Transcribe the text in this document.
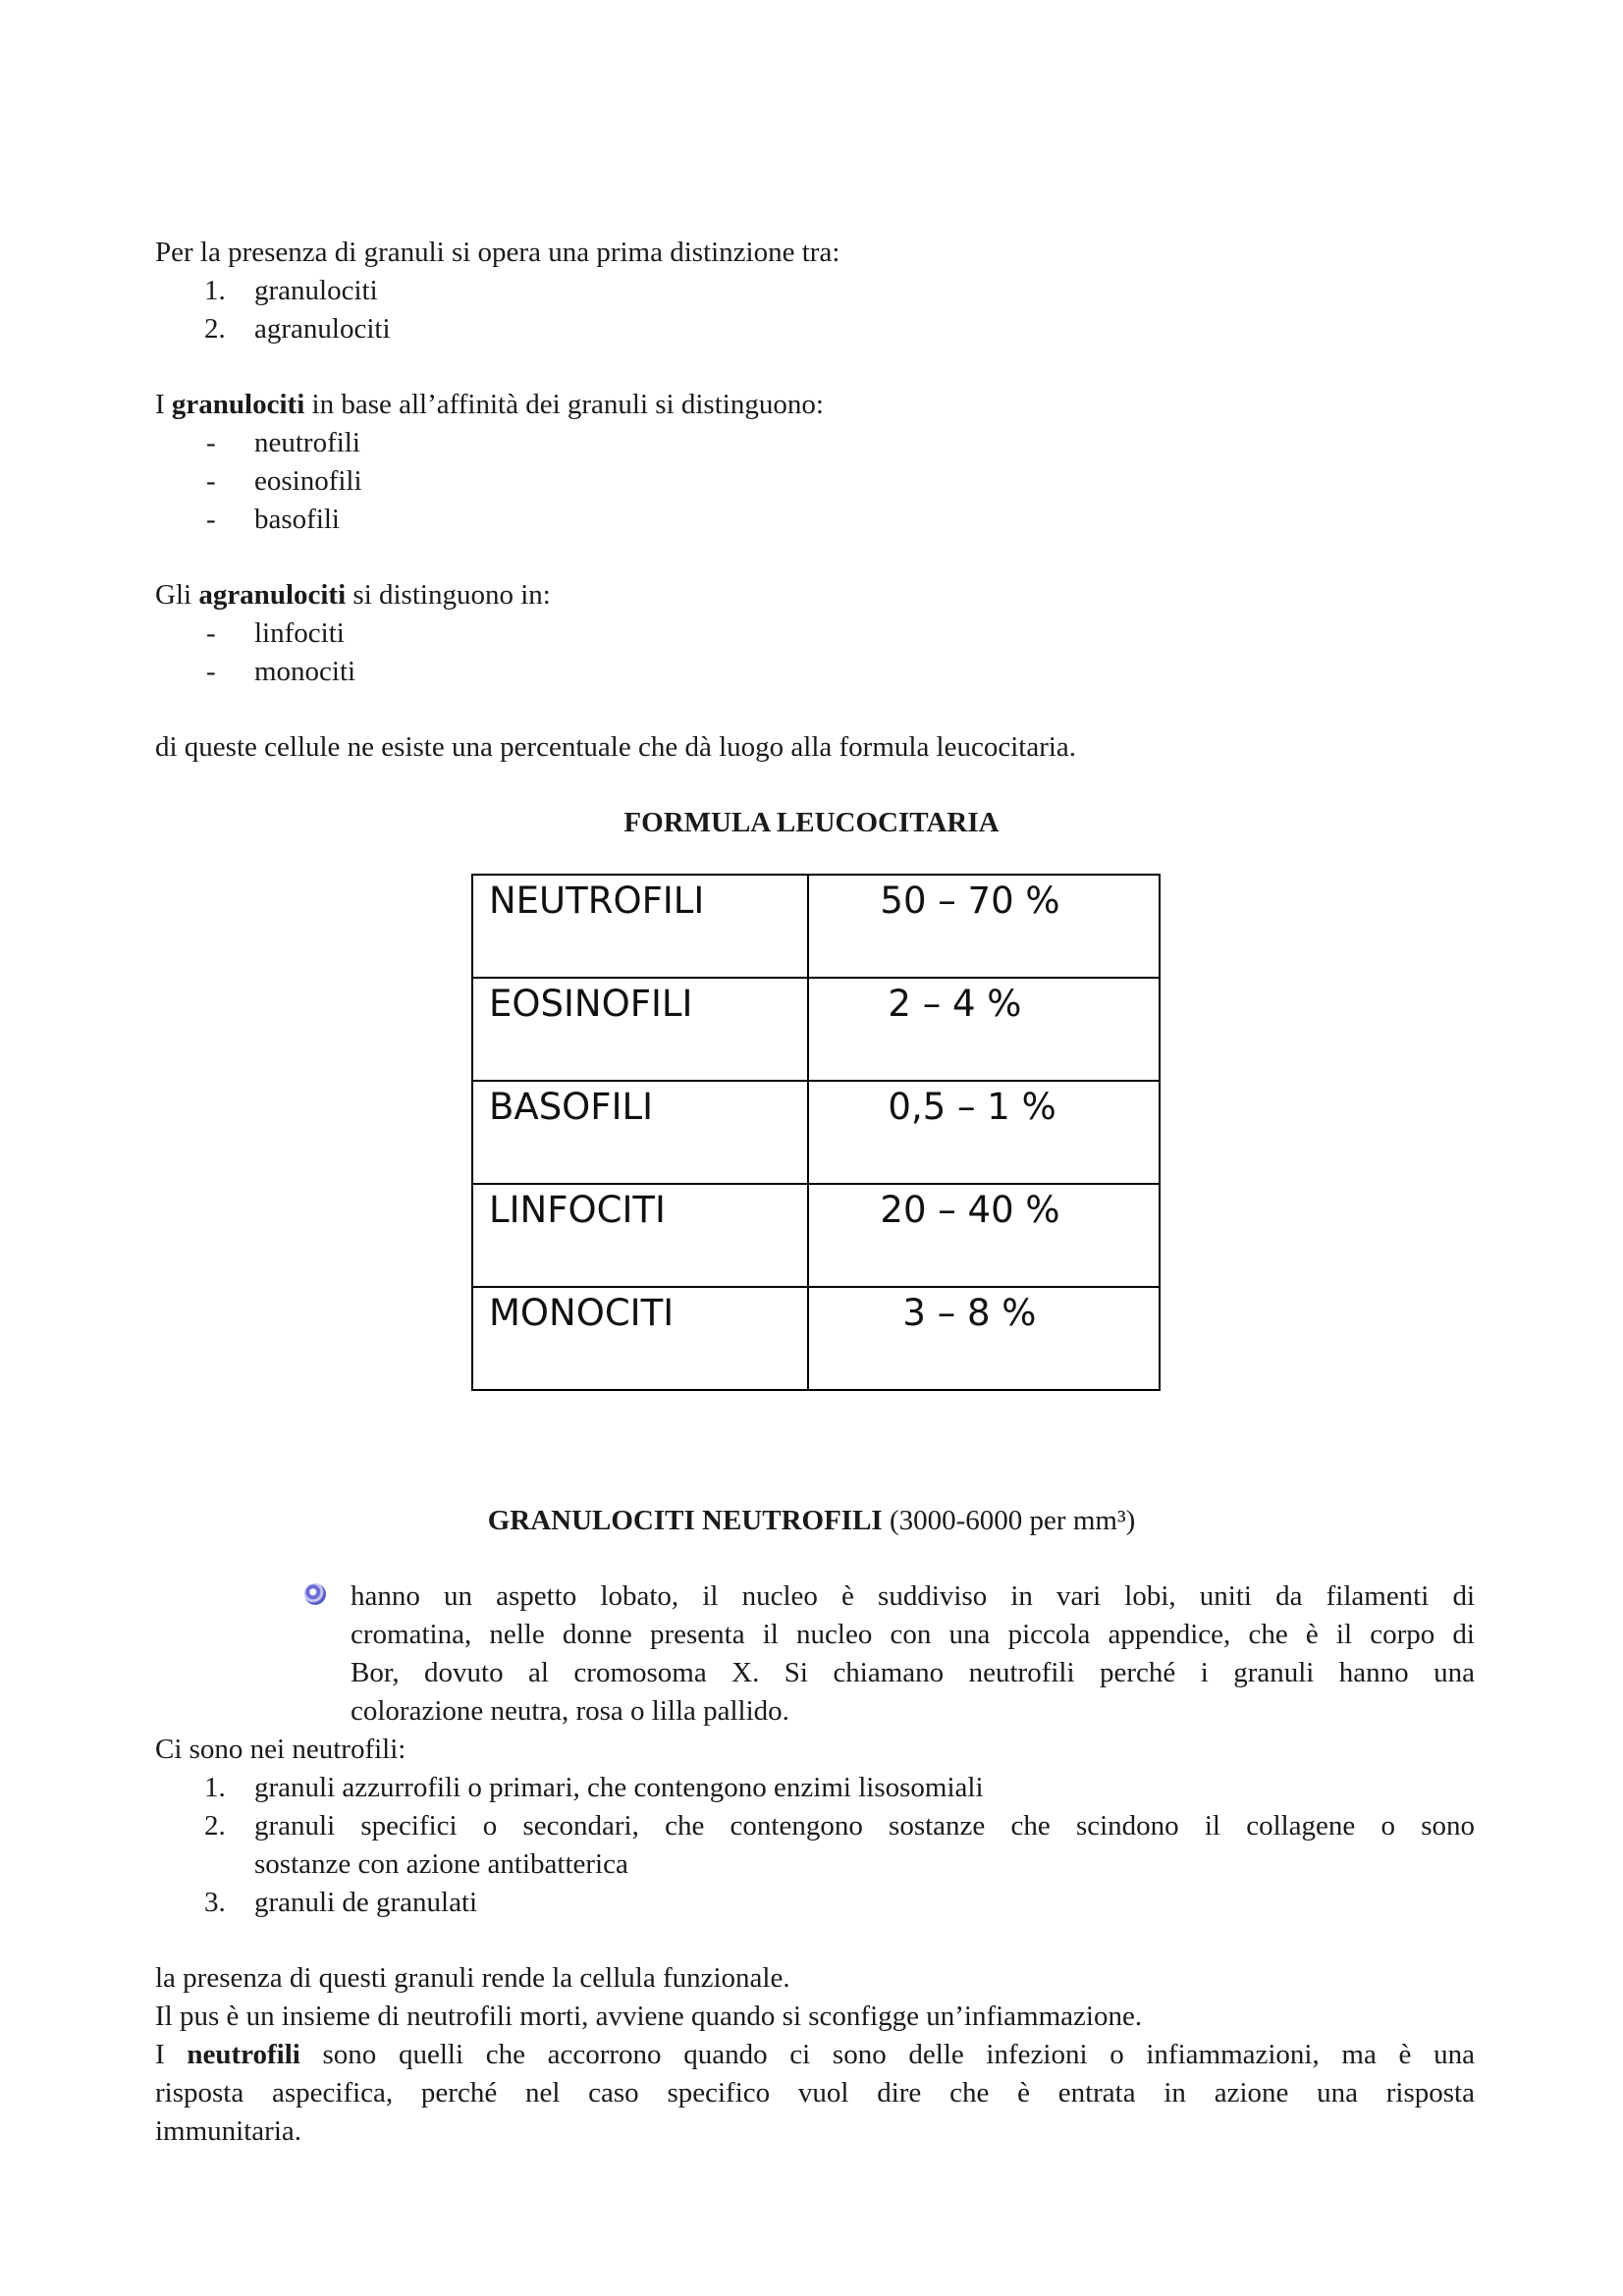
Per la presenza di granuli si opera una prima distinzione tra:
1. granulociti
2. agranulociti
I granulociti in base all’affinità dei granuli si distinguono:
- neutrofili
- eosinofili
- basofili
Gli agranulociti si distinguono in:
- linfociti
- monociti
di queste cellule ne esiste una percentuale che dà luogo alla formula leucocitaria.
FORMULA LEUCOCITARIA
NEUTROFILI	50 – 70 %
EOSINOFILI	2 – 4 %
BASOFILI	0,5 – 1 %
LINFOCITI	20 – 40 %
MONOCITI	3 – 8 %
GRANULOCITI NEUTROFILI (3000-6000 per mm³)
hanno un aspetto lobato, il nucleo è suddiviso in vari lobi, uniti da filamenti di
cromatina, nelle donne presenta il nucleo con una piccola appendice, che è il corpo di
Bor, dovuto al cromosoma X. Si chiamano neutrofili perché i granuli hanno una
colorazione neutra, rosa o lilla pallido.
Ci sono nei neutrofili:
1. granuli azzurrofili o primari, che contengono enzimi lisosomiali
2. granuli specifici o secondari, che contengono sostanze che scindono il collagene o sono
sostanze con azione antibatterica
3. granuli de granulati
la presenza di questi granuli rende la cellula funzionale.
Il pus è un insieme di neutrofili morti, avviene quando si sconfigge un’infiammazione.
I neutrofili sono quelli che accorrono quando ci sono delle infezioni o infiammazioni, ma è una
risposta aspecifica, perché nel caso specifico vuol dire che è entrata in azione una risposta
immunitaria.
